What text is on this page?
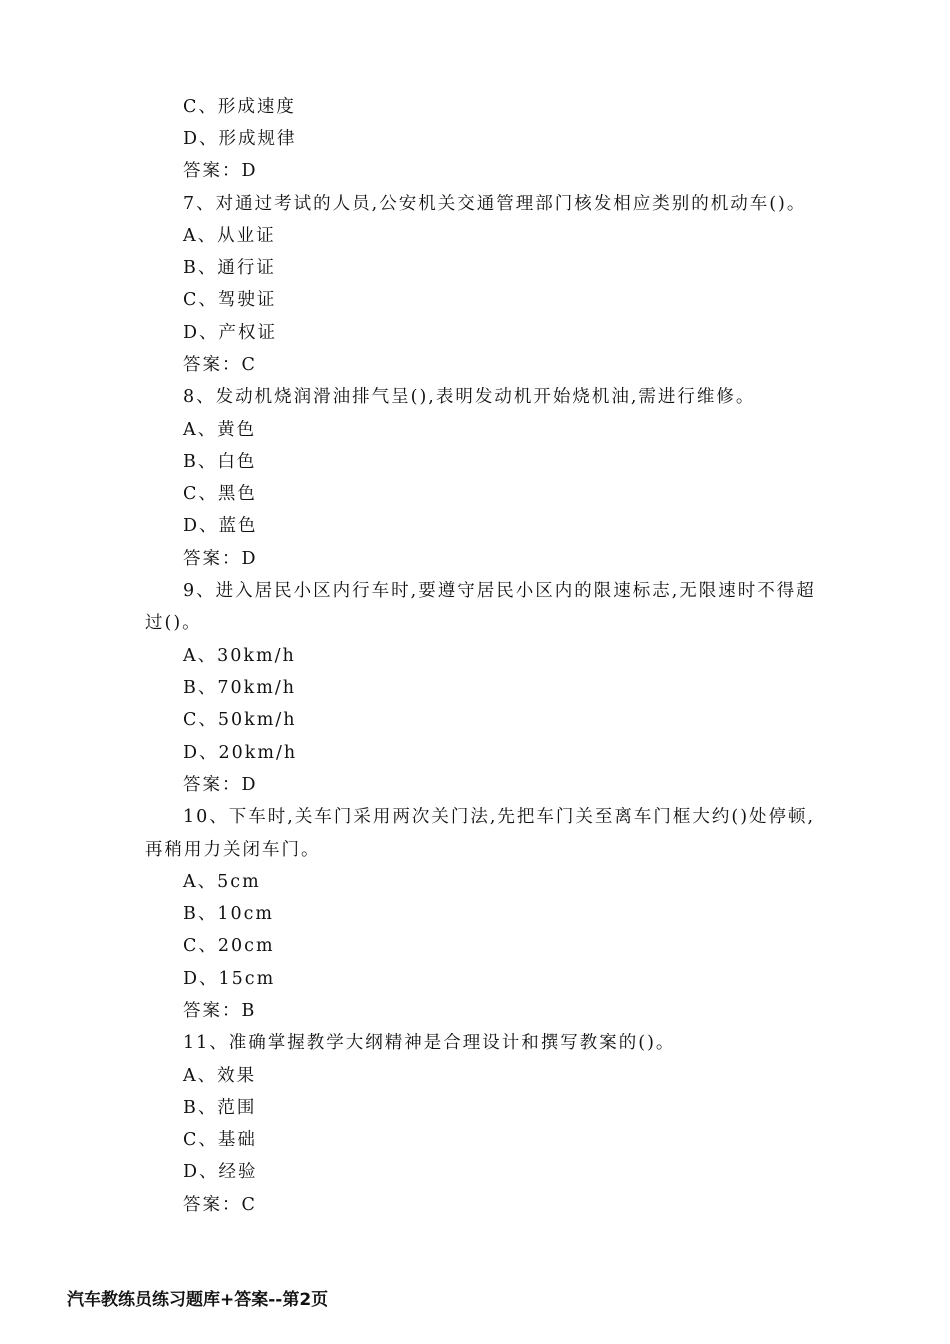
C、形成速度
D、形成规律
答案：D
7、对通过考试的人员,公安机关交通管理部门核发相应类别的机动车()。
A、从业证
B、通行证
C、驾驶证
D、产权证
答案：C
8、发动机烧润滑油排气呈(),表明发动机开始烧机油,需进行维修。
A、黄色
B、白色
C、黑色
D、蓝色
答案：D
9、进入居民小区内行车时,要遵守居民小区内的限速标志,无限速时不得超
过()。
A、30km/h
B、70km/h
C、50km/h
D、20km/h
答案：D
10、下车时,关车门采用两次关门法,先把车门关至离车门框大约()处停顿,
再稍用力关闭车门。
A、5cm
B、10cm
C、20cm
D、15cm
答案：B
11、准确掌握教学大纲精神是合理设计和撰写教案的()。
A、效果
B、范围
C、基础
D、经验
答案：C
汽车教练员练习题库+答案--第2页
